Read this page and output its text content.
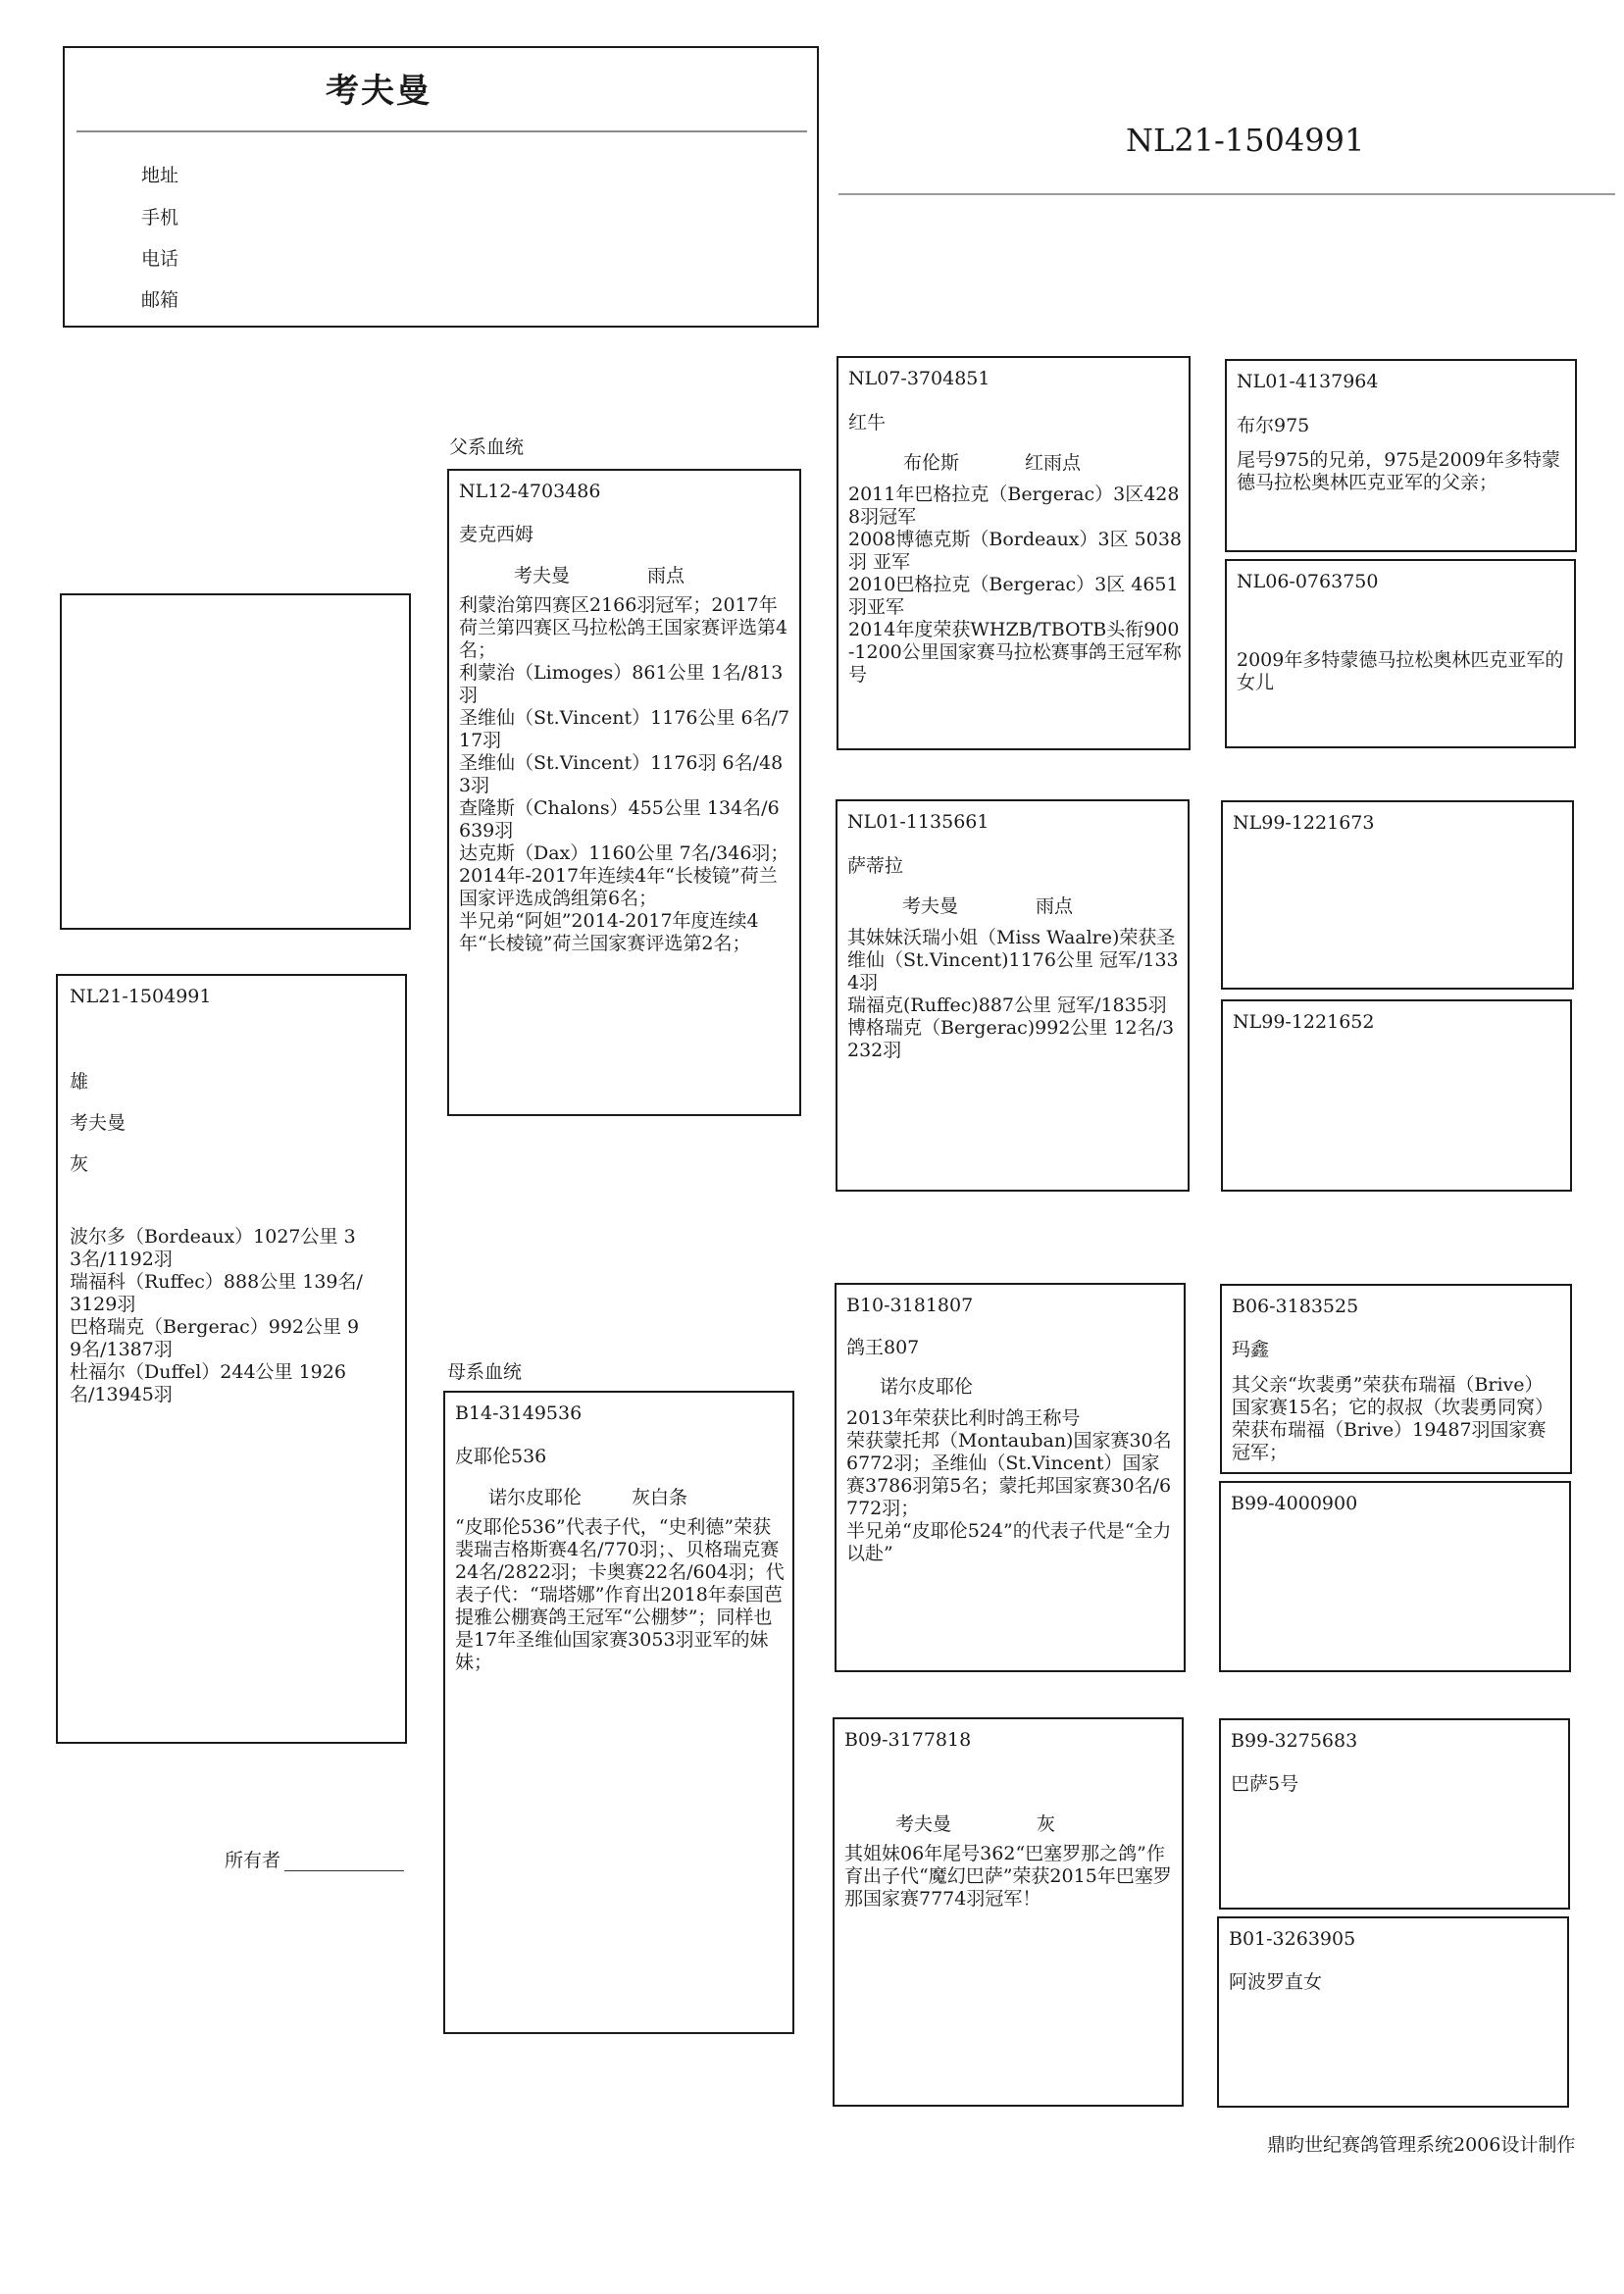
考夫曼
地址
手机
电话
邮箱
NL21-1504991
NL21-1504991
雄
考夫曼
灰
波尔多（Bordeaux）1027公里 33名/1192羽
瑞福科（Ruffec）888公里 139名/3129羽
巴格瑞克（Bergerac）992公里 99名/1387羽
杜福尔（Duffel）244公里 1926名/13945羽
所有者
父系血统
母系血统
NL12-4703486
麦克西姆
考夫曼	雨点
利蒙治第四赛区2166羽冠军；2017年荷兰第四赛区马拉松鸽王国家赛评选第4名；
利蒙治（Limoges）861公里 1名/813羽
圣维仙（St.Vincent）1176公里 6名/717羽
圣维仙（St.Vincent）1176羽 6名/483羽
查隆斯（Chalons）455公里 134名/6639羽
达克斯（Dax）1160公里 7名/346羽；
2014年-2017年连续4年“长棱镜”荷兰国家评选成鸽组第6名；
半兄弟“阿妲”2014-2017年度连续4年“长棱镜”荷兰国家赛评选第2名；
B14-3149536
皮耶伦536
诺尔皮耶伦	灰白条
“皮耶伦536”代表子代，“史利德”荣获裴瑞吉格斯赛4名/770羽；、贝格瑞克赛24名/2822羽；卡奥赛22名/604羽；代表子代：“瑞塔娜”作育出2018年泰国芭提雅公棚赛鸽王冠军“公棚梦”；同样也是17年圣维仙国家赛3053羽亚军的妹妹；
NL07-3704851
红牛
布伦斯	红雨点
2011年巴格拉克（Bergerac）3区4288羽冠军
2008博德克斯（Bordeaux）3区 5038羽 亚军
2010巴格拉克（Bergerac）3区 4651羽亚军
2014年度荣获WHZB/TBOTB头衔900-1200公里国家赛马拉松赛事鸽王冠军称号
NL01-1135661
萨蒂拉
考夫曼	雨点
其妹妹沃瑞小姐（Miss Waalre)荣获圣维仙（St.Vincent)1176公里 冠军/1334羽
瑞福克(Ruffec)887公里 冠军/1835羽
博格瑞克（Bergerac)992公里 12名/3232羽
B10-3181807
鸽王807
诺尔皮耶伦
2013年荣获比利时鸽王称号
荣获蒙托邦（Montauban)国家赛30名6772羽；圣维仙（St.Vincent）国家赛3786羽第5名；蒙托邦国家赛30名/6772羽；
半兄弟“皮耶伦524”的代表子代是“全力以赴”
B09-3177818
考夫曼	灰
其姐妹06年尾号362“巴塞罗那之鸽”作育出子代“魔幻巴萨”荣获2015年巴塞罗那国家赛7774羽冠军！
NL01-4137964
布尔975
尾号975的兄弟，975是2009年多特蒙德马拉松奥林匹克亚军的父亲；
NL06-0763750
2009年多特蒙德马拉松奥林匹克亚军的女儿
NL99-1221673
NL99-1221652
B06-3183525
玛鑫
其父亲“坎裴勇”荣获布瑞福（Brive）国家赛15名；它的叔叔（坎裴勇同窝）荣获布瑞福（Brive）19487羽国家赛冠军；
B99-4000900
B99-3275683
巴萨5号
B01-3263905
阿波罗直女
鼎昀世纪赛鸽管理系统2006设计制作
